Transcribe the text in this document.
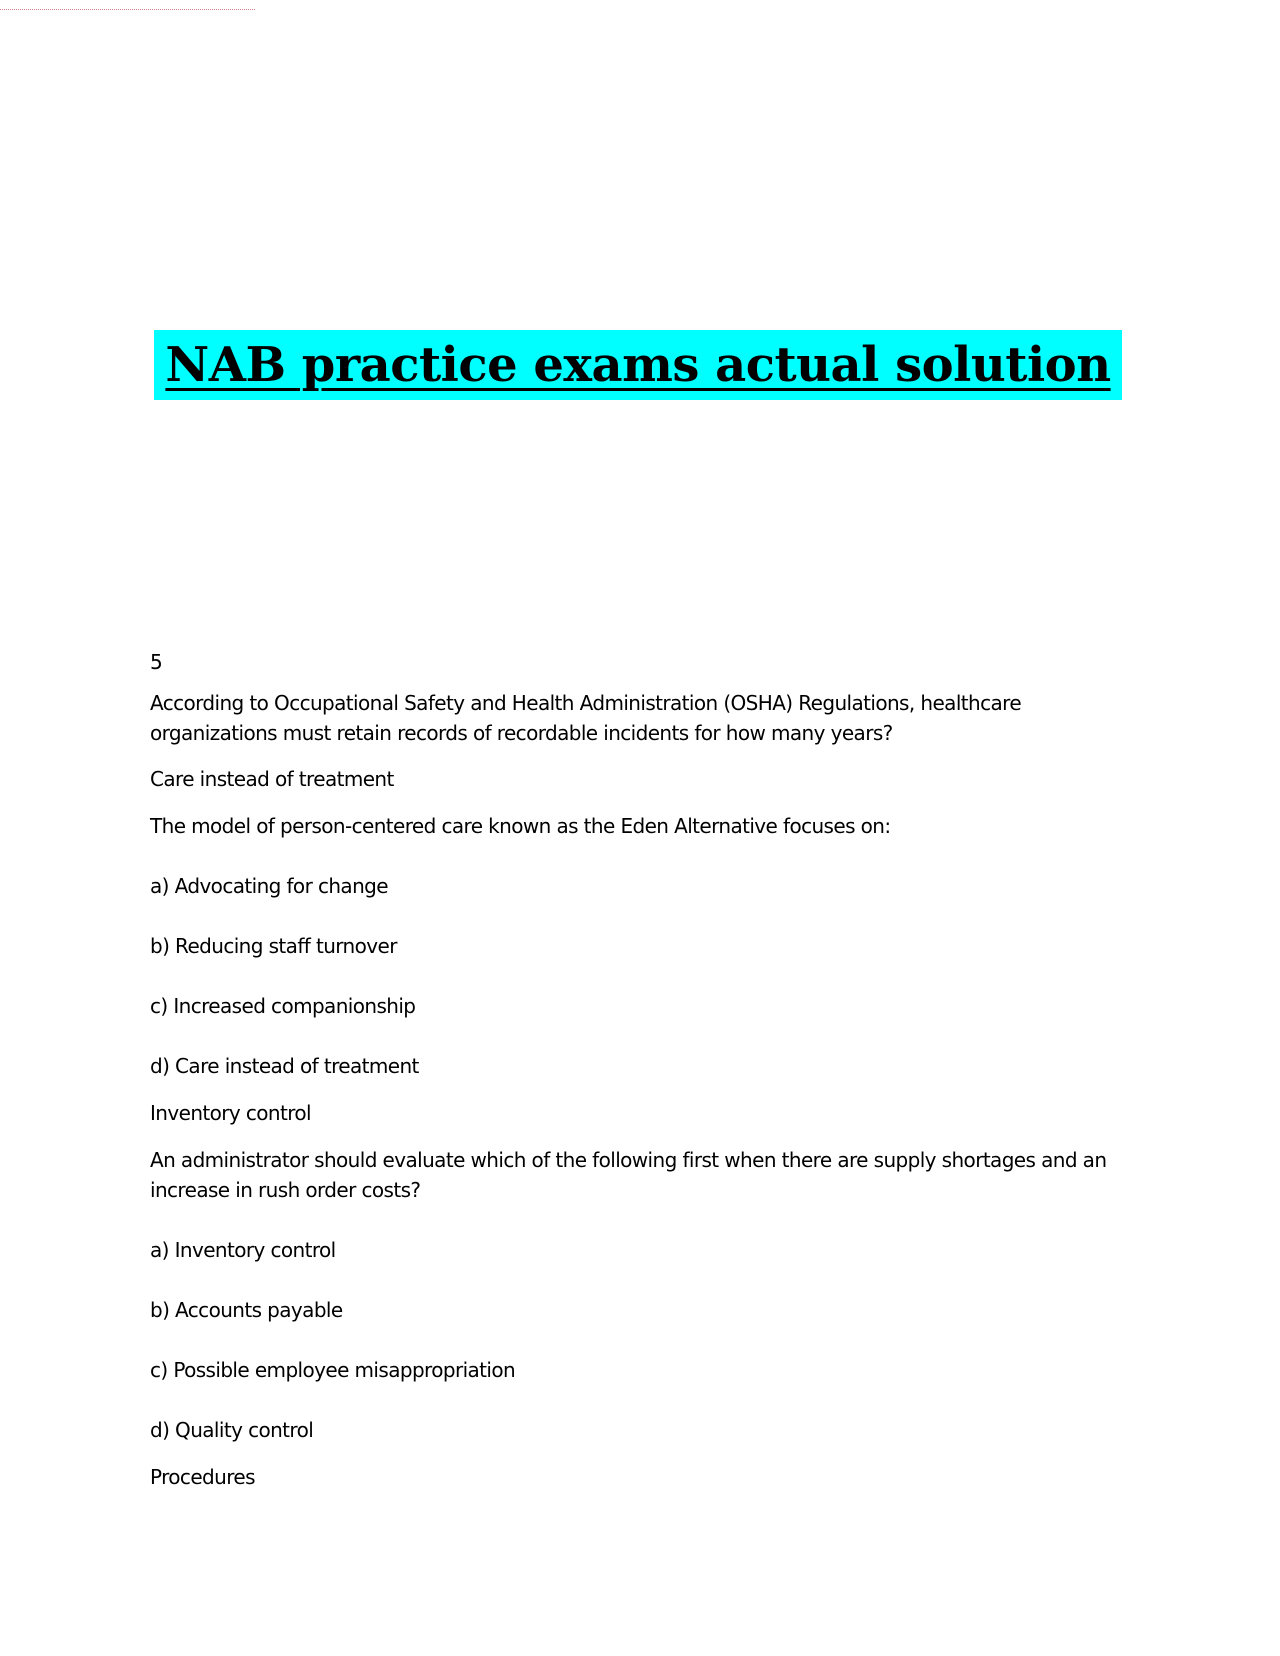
NAB practice exams actual solution
5
According to Occupational Safety and Health Administration (OSHA) Regulations, healthcare organizations must retain records of recordable incidents for how many years?
Care instead of treatment
The model of person-centered care known as the Eden Alternative focuses on:
a) Advocating for change
b) Reducing staff turnover
c) Increased companionship
d) Care instead of treatment
Inventory control
An administrator should evaluate which of the following first when there are supply shortages and an increase in rush order costs?
a) Inventory control
b) Accounts payable
c) Possible employee misappropriation
d) Quality control
Procedures
